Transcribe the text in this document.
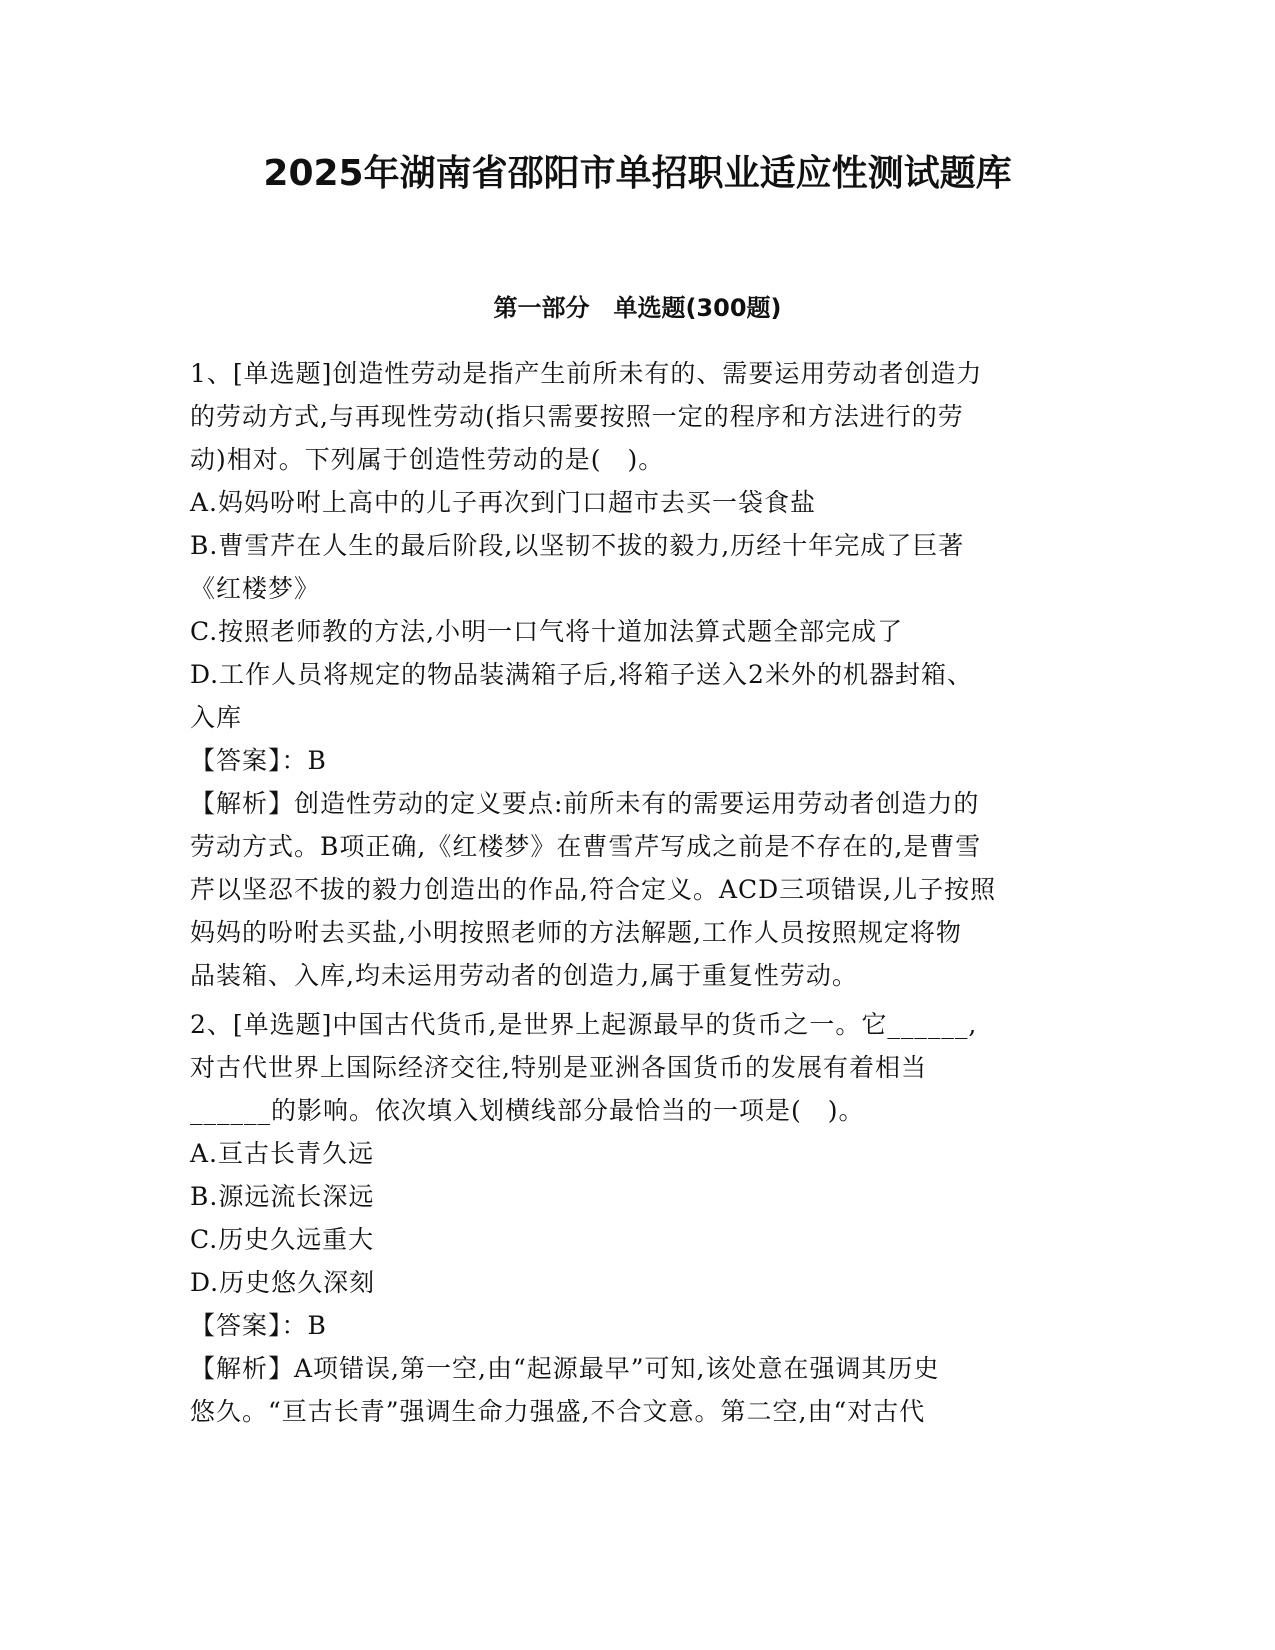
2025年湖南省邵阳市单招职业适应性测试题库
第一部分　单选题(300题)
1、[单选题]创造性劳动是指产生前所未有的、需要运用劳动者创造力
的劳动方式,与再现性劳动(指只需要按照一定的程序和方法进行的劳
动)相对。下列属于创造性劳动的是(　)。
A.妈妈吩咐上高中的儿子再次到门口超市去买一袋食盐
B.曹雪芹在人生的最后阶段,以坚韧不拔的毅力,历经十年完成了巨著
《红楼梦》
C.按照老师教的方法,小明一口气将十道加法算式题全部完成了
D.工作人员将规定的物品装满箱子后,将箱子送入2米外的机器封箱、
入库
【答案】：B
【解析】创造性劳动的定义要点:前所未有的需要运用劳动者创造力的
劳动方式。B项正确,《红楼梦》在曹雪芹写成之前是不存在的,是曹雪
芹以坚忍不拔的毅力创造出的作品,符合定义。ACD三项错误,儿子按照
妈妈的吩咐去买盐,小明按照老师的方法解题,工作人员按照规定将物
品装箱、入库,均未运用劳动者的创造力,属于重复性劳动。
2、[单选题]中国古代货币,是世界上起源最早的货币之一。它______,
对古代世界上国际经济交往,特别是亚洲各国货币的发展有着相当
______的影响。依次填入划横线部分最恰当的一项是(　)。
A.亘古长青久远
B.源远流长深远
C.历史久远重大
D.历史悠久深刻
【答案】：B
【解析】A项错误,第一空,由“起源最早”可知,该处意在强调其历史
悠久。“亘古长青”强调生命力强盛,不合文意。第二空,由“对古代
